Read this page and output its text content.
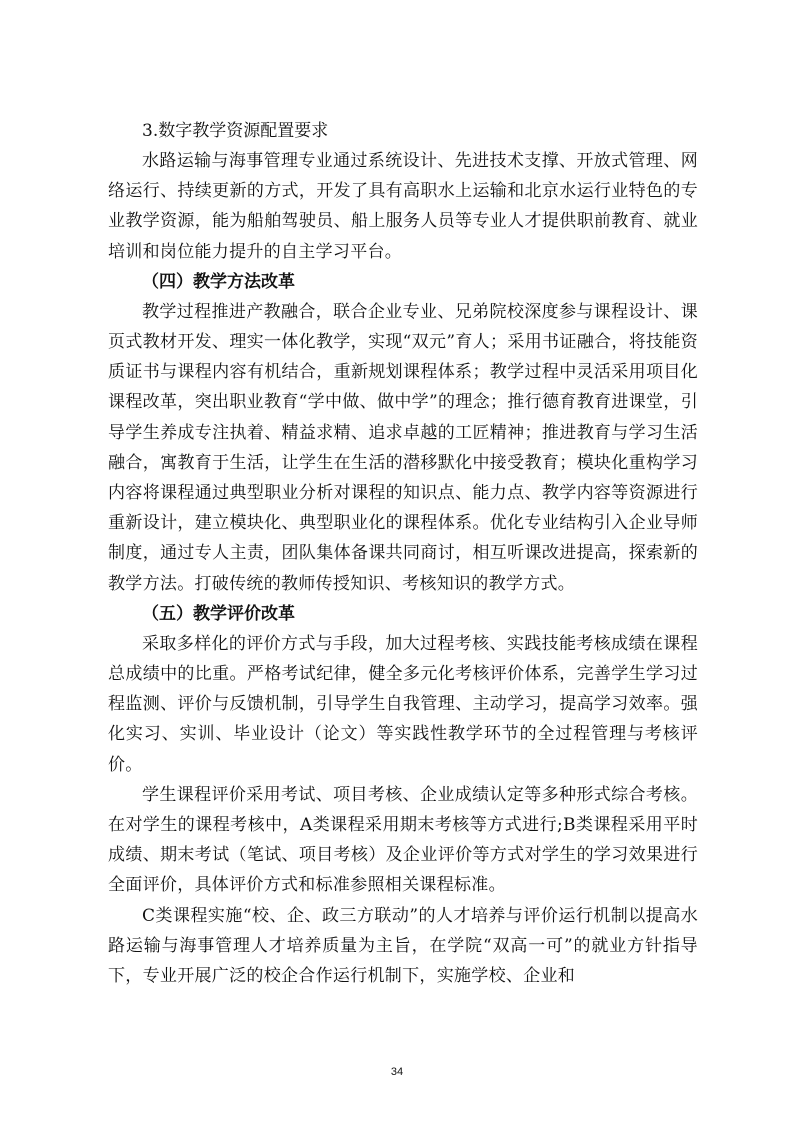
3.数字教学资源配置要求

水路运输与海事管理专业通过系统设计、先进技术支撑、开放式管理、网络运行、持续更新的方式，开发了具有高职水上运输和北京水运行业特色的专业教学资源，能为船舶驾驶员、船上服务人员等专业人才提供职前教育、就业培训和岗位能力提升的自主学习平台。

（四）教学方法改革

教学过程推进产教融合，联合企业专业、兄弟院校深度参与课程设计、课页式教材开发、理实一体化教学，实现“双元”育人；采用书证融合，将技能资质证书与课程内容有机结合，重新规划课程体系；教学过程中灵活采用项目化课程改革，突出职业教育“学中做、做中学”的理念；推行德育教育进课堂，引导学生养成专注执着、精益求精、追求卓越的工匠精神；推进教育与学习生活融合，寓教育于生活，让学生在生活的潜移默化中接受教育；模块化重构学习内容将课程通过典型职业分析对课程的知识点、能力点、教学内容等资源进行重新设计，建立模块化、典型职业化的课程体系。优化专业结构引入企业导师制度，通过专人主责，团队集体备课共同商讨，相互听课改进提高，探索新的教学方法。打破传统的教师传授知识、考核知识的教学方式。

（五）教学评价改革

采取多样化的评价方式与手段，加大过程考核、实践技能考核成绩在课程总成绩中的比重。严格考试纪律，健全多元化考核评价体系，完善学生学习过程监测、评价与反馈机制，引导学生自我管理、主动学习，提高学习效率。强化实习、实训、毕业设计（论文）等实践性教学环节的全过程管理与考核评价。

学生课程评价采用考试、项目考核、企业成绩认定等多种形式综合考核。在对学生的课程考核中，A类课程采用期末考核等方式进行;B类课程采用平时成绩、期末考试（笔试、项目考核）及企业评价等方式对学生的学习效果进行全面评价，具体评价方式和标准参照相关课程标准。

C类课程实施“校、企、政三方联动”的人才培养与评价运行机制以提高水路运输与海事管理人才培养质量为主旨，在学院“双高一可”的就业方针指导下，专业开展广泛的校企合作运行机制下，实施学校、企业和

34
